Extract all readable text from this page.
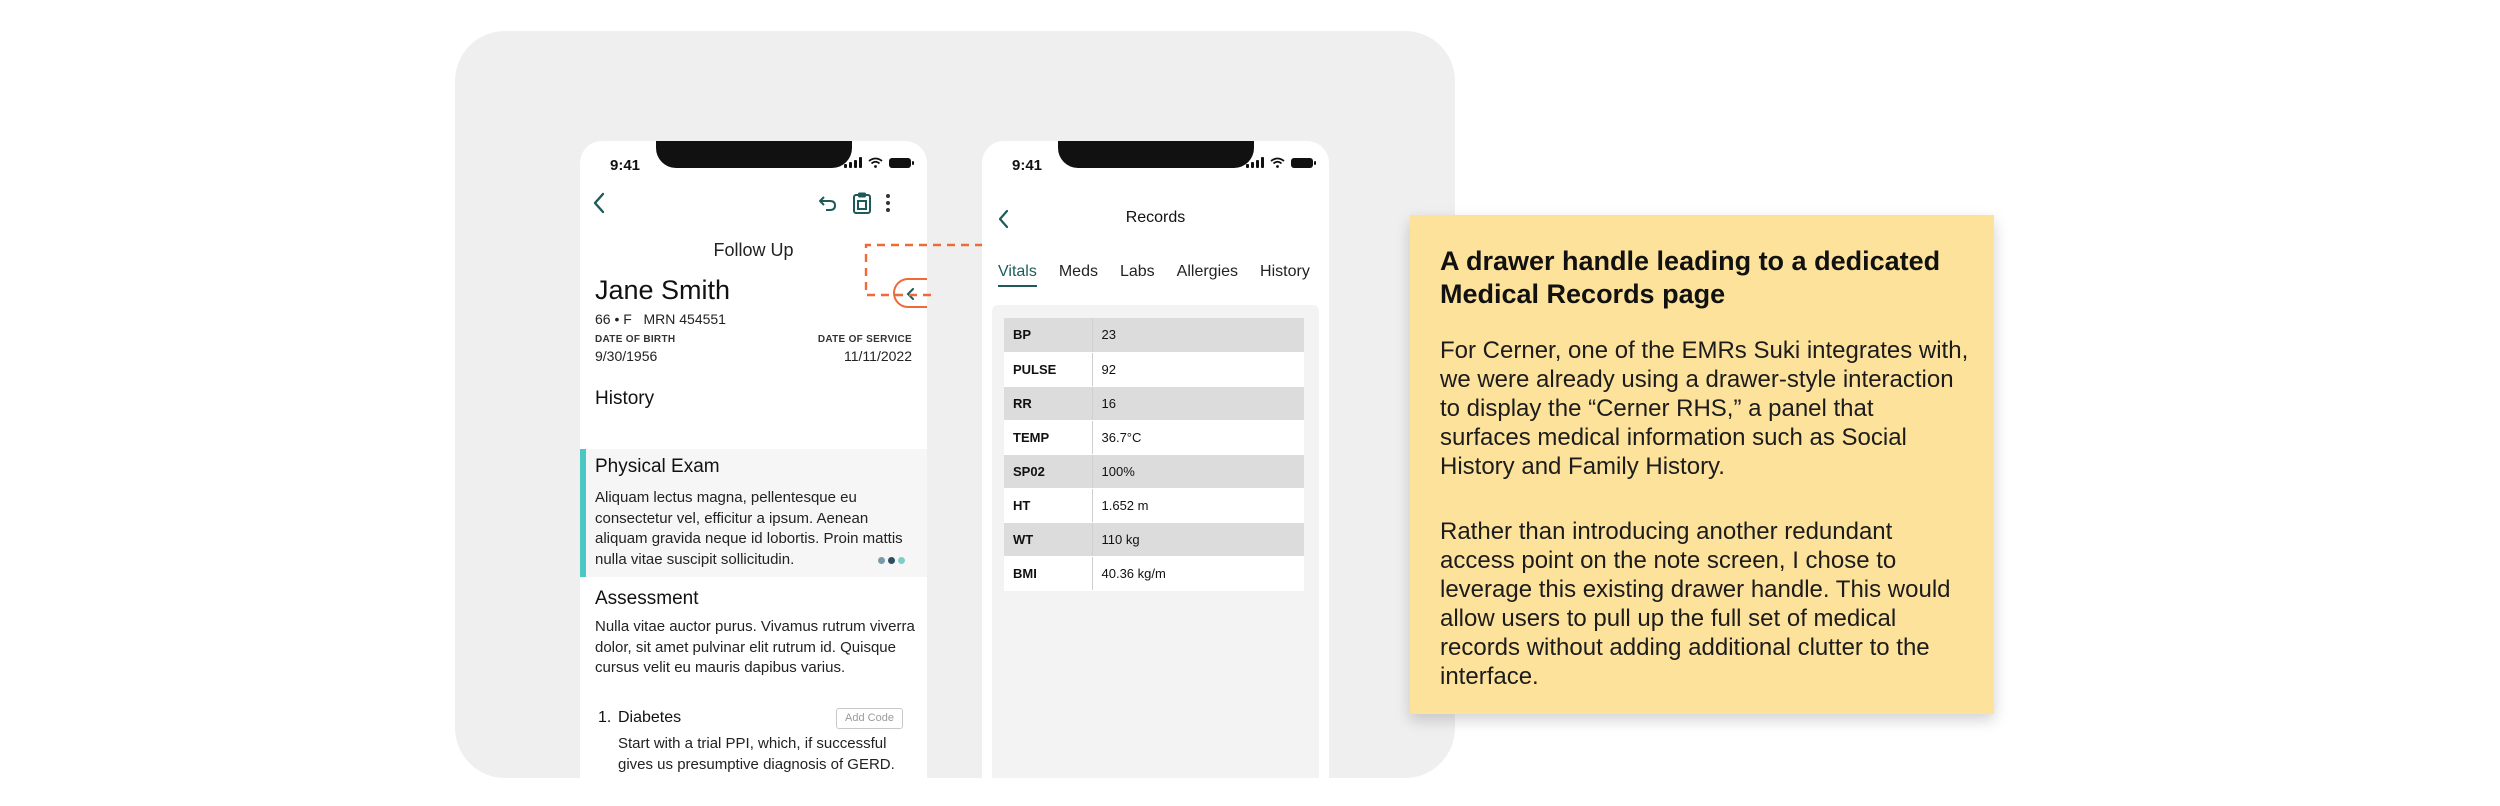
9:41
Follow Up
Jane Smith
66 • F   MRN 454551
DATE OF BIRTH
9/30/1956
DATE OF SERVICE
11/11/2022
History
Physical Exam
Aliquam lectus magna, pellentesque eu consectetur vel, efficitur a ipsum. Aenean aliquam gravida neque id lobortis. Proin mattis nulla vitae suscipit sollicitudin.
Assessment
Nulla vitae auctor purus. Vivamus rutrum viverra dolor, sit amet pulvinar elit rutrum id. Quisque cursus velit eu mauris dapibus varius.
1. Diabetes	Add Code
Start with a trial PPI, which, if successful gives us presumptive diagnosis of GERD.
9:41
Records
Vitals Meds Labs Allergies History
BP	23
PULSE	92
RR	16
TEMP	36.7°C
SP02	100%
HT	1.652 m
WT	110 kg
BMI	40.36 kg/m
A drawer handle leading to a dedicated Medical Records page
For Cerner, one of the EMRs Suki integrates with, we were already using a drawer-style interaction to display the “Cerner RHS,” a panel that surfaces medical information such as Social History and Family History.
Rather than introducing another redundant access point on the note screen, I chose to leverage this existing drawer handle. This would allow users to pull up the full set of medical records without adding additional clutter to the interface.
